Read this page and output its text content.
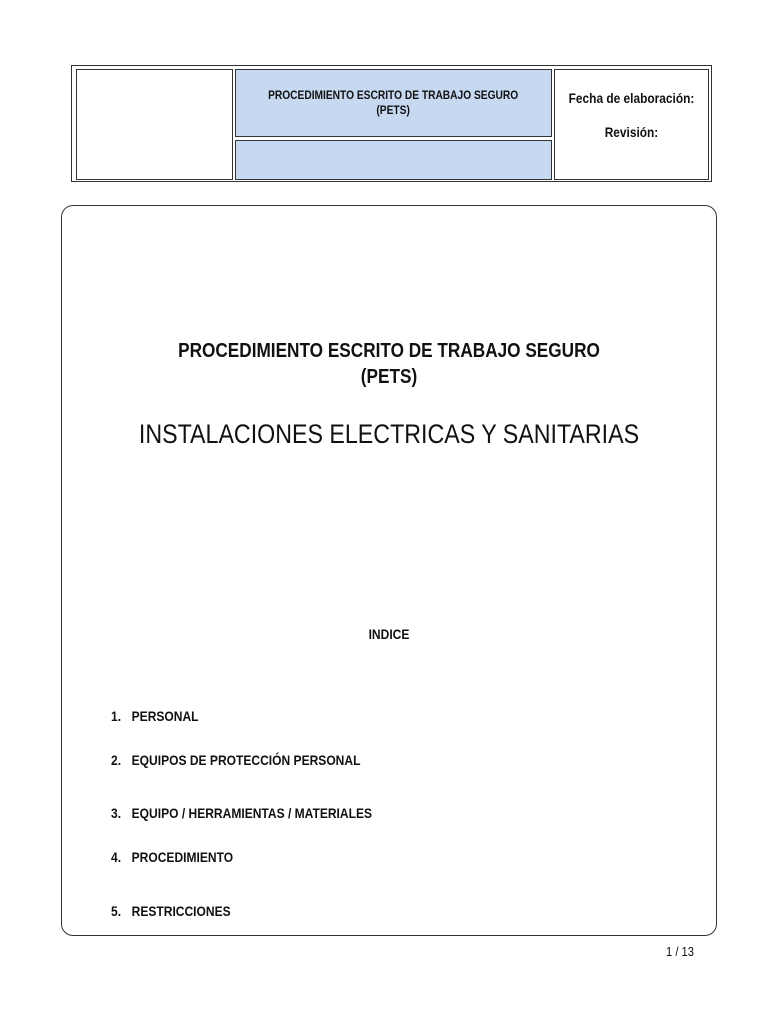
PROCEDIMIENTO ESCRITO DE TRABAJO SEGURO
(PETS)
Fecha de elaboración:
Revisión:
PROCEDIMIENTO ESCRITO DE TRABAJO SEGURO
(PETS)
INSTALACIONES ELECTRICAS Y SANITARIAS
INDICE
1. PERSONAL
2. EQUIPOS DE PROTECCIÓN PERSONAL
3. EQUIPO / HERRAMIENTAS / MATERIALES
4. PROCEDIMIENTO
5. RESTRICCIONES
1 / 13
